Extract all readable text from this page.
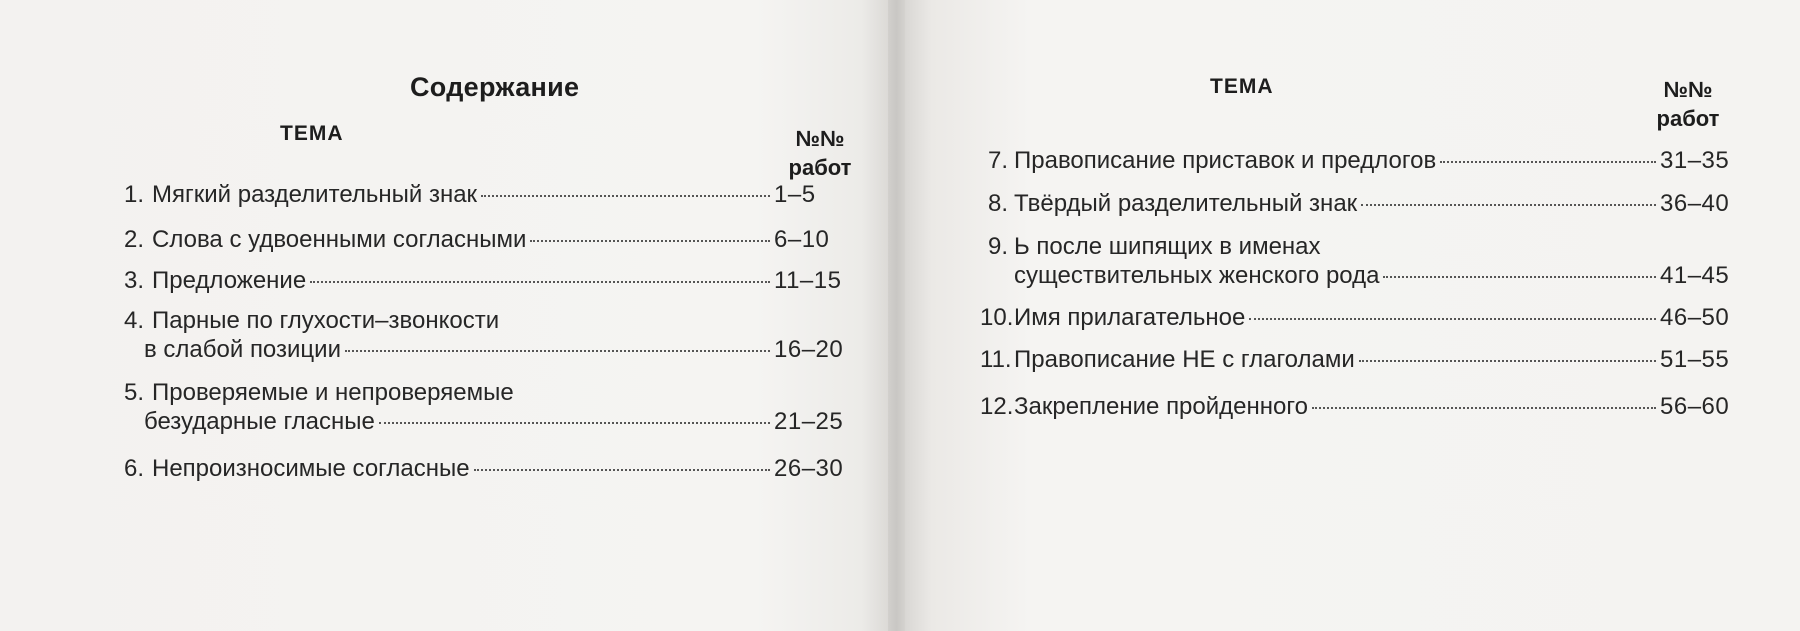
Содержание
ТЕМА	№№
работ
1. Мягкий разделительный знак	1–5
2. Слова с удвоенными согласными	6–10
3. Предложение	11–15
4. Парные по глухости–звонкости
в слабой позиции	16–20
5. Проверяемые и непроверяемые
безударные гласные	21–25
6. Непроизносимые согласные	26–30
ТЕМА	№№
работ
7. Правописание приставок и предлогов	31–35
8. Твёрдый разделительный знак	36–40
9. Ь после шипящих в именах
существительных женского рода	41–45
10. Имя прилагательное	46–50
11. Правописание НЕ с глаголами	51–55
12. Закрепление пройденного	56–60
